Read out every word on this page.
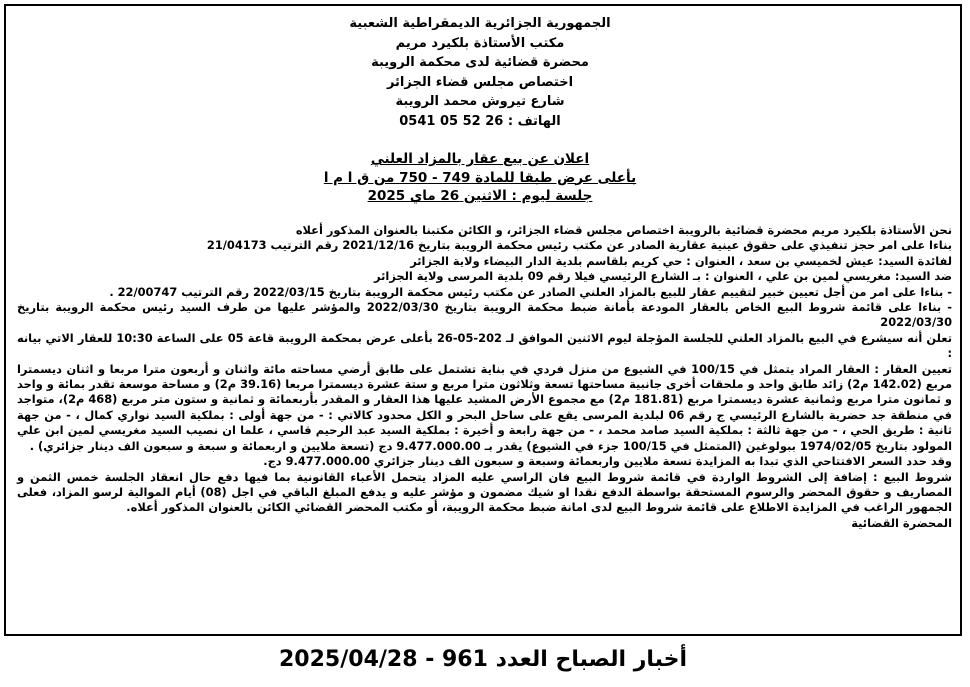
الجمهورية الجزائرية الديمقراطية الشعبية
مكتب الأستاذة بلكيرد مريم
محضرة قضائية لدى محكمة الرويبة
اختصاص مجلس قضاء الجزائر
شارع تيروش محمد الرويبة
الهاتف : 26 52 05 0541
اعلان عن بيع عقار بالمزاد العلني
بأعلى عرض طبقا للمادة 749 - 750 من ق ا م ا
جلسة ليوم : الاثنين 26 ماي 2025

نحن الأستاذة بلكيرد مريم محضرة قضائية بالرويبة اختصاص مجلس قضاء الجزائر، و الكائن مكتبنا بالعنوان المذكور أعلاه

بناءا على امر حجز تنفيذي على حقوق عينية عقارية الصادر عن مكتب رئيس محكمة الرويبة بتاريخ 2021/12/16 رقم الترتيب 21/04173

لفائدة السيد: عيش لخميسي بن سعد ، العنوان : حي كريم بلقاسم بلدية الدار البيضاء ولاية الجزائر

ضد السيد: مغريسي لمين بن علي ، العنوان : بـ الشارع الرئيسي فيلا رقم 09 بلدية المرسى ولاية الجزائر

- بناءا على امر من أجل تعيين خبير لتقييم عقار للبيع بالمزاد العلني الصادر عن مكتب رئيس محكمة الرويبة بتاريخ 2022/03/15 رقم الترتيب 22/00747 .

- بناءا على قائمة شروط البيع الخاص بالعقار المودعة بأمانة ضبط محكمة الرويبة بتاريخ 2022/03/30 والمؤشر عليها من طرف السيد رئيس محكمة الرويبة بتاريخ 2022/03/30

تعلن أنه سيشرع في البيع بالمزاد العلني للجلسة المؤجلة ليوم الاثنين الموافق لـ 202-05-26 بأعلى عرض بمحكمة الرويبة قاعة 05 على الساعة 10:30 للعقار الاتي بيانه :

تعيين العقار : العقار المراد يتمثل في 100/15 في الشيوع من منزل فردي في بناية تشتمل على طابق أرضي مساحته مائة واثنان و أربعون مترا مربعا و اثنان ديسمترا مربع (142.02 م2) زائد طابق واحد و ملحقات أخرى جانبية مساحتها تسعة وثلاثون مترا مربع و ستة عشرة ديسمترا مربعا (39.16 م2) و مساحة موسعة تقدر بمائة و واحد و ثمانون مترا مربع وثمانية عشرة ديسمترا مربع (181.81 م2) مع مجموع الأرض المشيد عليها هذا العقار و المقدر بأربعمائة و ثمانية و ستون متر مربع (468 م2)، متواجد في منطقة جد حضرية بالشارع الرئيسي ج رقم 06 لبلدية المرسى يقع على ساحل البحر و الكل محدود كالاتي : - من جهة أولى : بملكية السيد نواري كمال ، - من جهة ثانية : طريق الحي ، - من جهة ثالثة : بملكية السيد صامد محمد ، - من جهة رابعة و أخيرة : بملكية السيد عبد الرحيم قاسي ، علما ان نصيب السيد مغريسي لمين ابن علي المولود بتاريخ 1974/02/05 ببولوغين (المتمثل في 100/15 جزء في الشيوع) يقدر بـ 9.477.000.00 دج (تسعة ملايين و اربعمائة و سبعة و سبعون الف دينار جزائري) .

وقد حدد السعر الافتتاحي الذي تبدا به المزايدة تسعة ملايين واربعمائة وسبعة و سبعون الف دينار جزائري 9.477.000.00 دج.

شروط البيع : إضافة إلى الشروط الواردة في قائمة شروط البيع فان الراسي عليه المزاد يتحمل الأعباء القانونية بما فيها دفع حال انعقاد الجلسة خمس الثمن و المصاريف و حقوق المحضر والرسوم المستحقة بواسطة الدفع نقدا او شيك مضمون و مؤشر عليه و يدفع المبلغ الباقي في اجل (08) أيام الموالية لرسو المزاد، فعلى الجمهور الراغب في المزايدة الاطلاع على قائمة شروط البيع لدى امانة ضبط محكمة الرويبة، أو مكتب المحضر القضائي الكائن بالعنوان المذكور أعلاه.

المحضرة القضائية

أخبار الصباح العدد 961 - 2025/04/28
